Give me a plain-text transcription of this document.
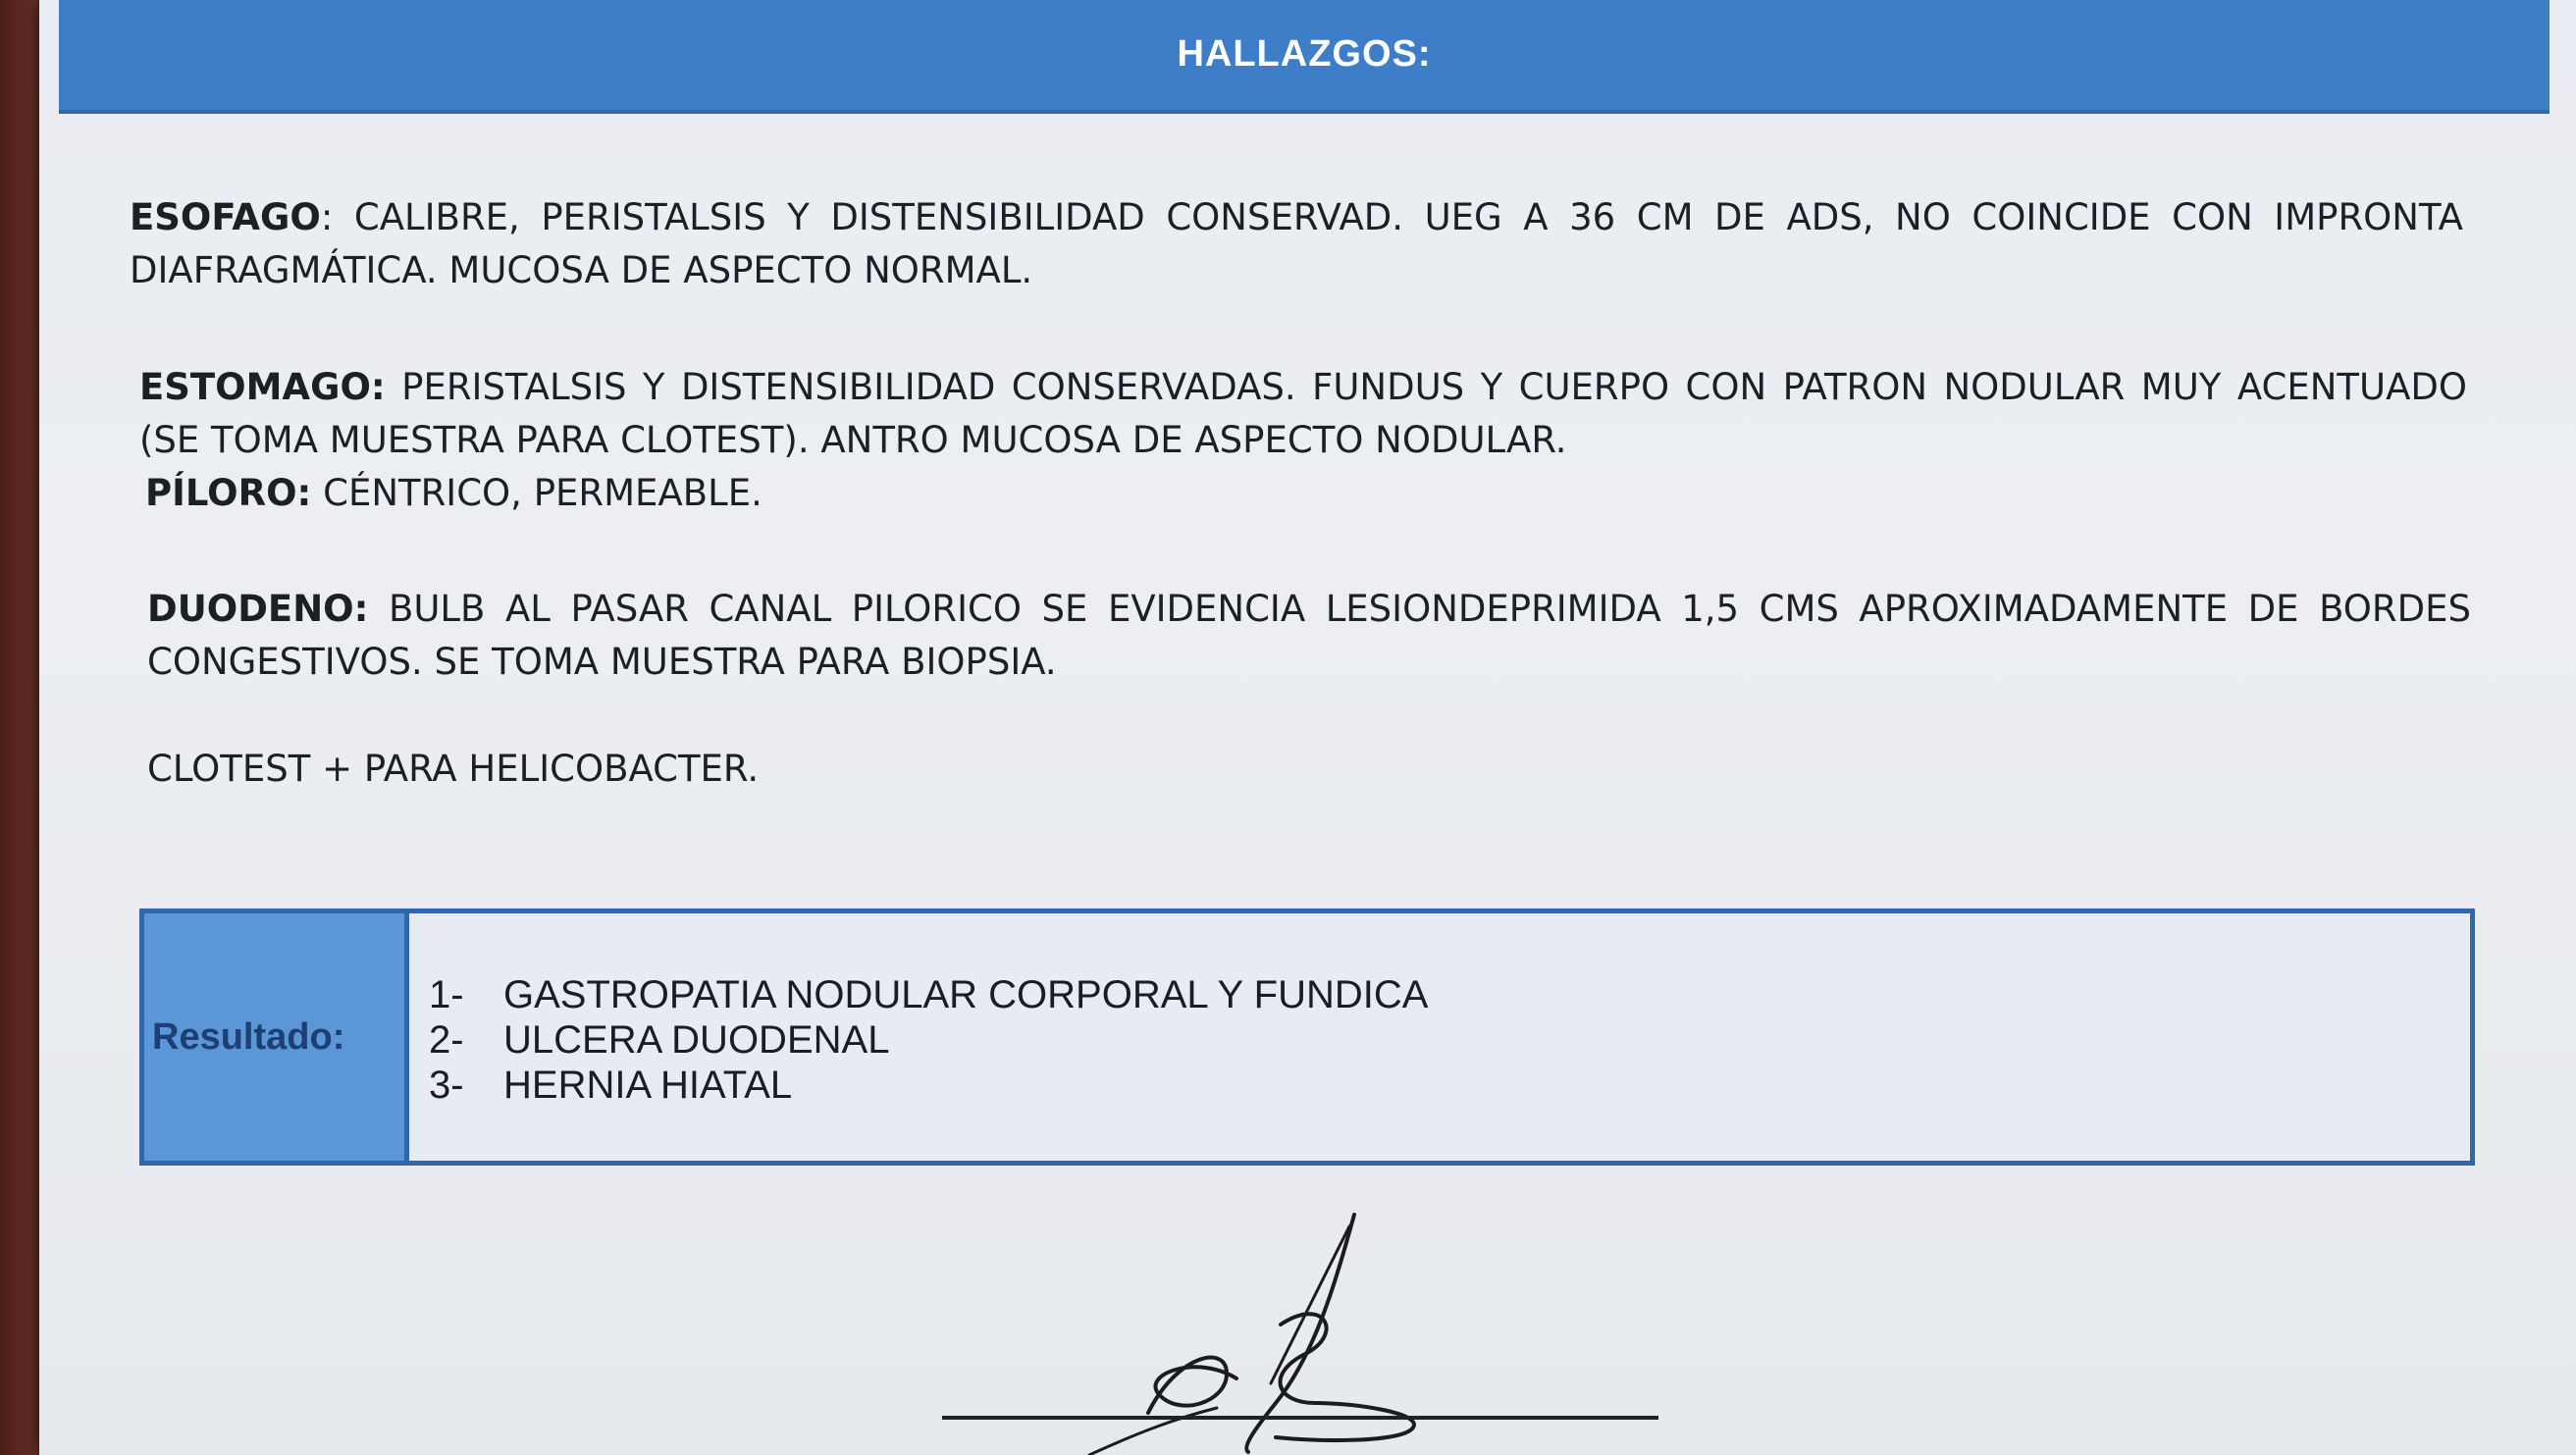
HALLAZGOS:
ESOFAGO: CALIBRE, PERISTALSIS Y DISTENSIBILIDAD CONSERVAD. UEG A 36 CM DE ADS, NO COINCIDE CON IMPRONTA DIAFRAGMÁTICA. MUCOSA DE ASPECTO NORMAL.
ESTOMAGO: PERISTALSIS Y DISTENSIBILIDAD CONSERVADAS. FUNDUS Y CUERPO CON PATRON NODULAR MUY ACENTUADO (SE TOMA MUESTRA PARA CLOTEST). ANTRO MUCOSA DE ASPECTO NODULAR.
PÍLORO: CÉNTRICO, PERMEABLE.
DUODENO: BULB AL PASAR CANAL PILORICO SE EVIDENCIA LESIONDEPRIMIDA 1,5 CMS APROXIMADAMENTE DE BORDES CONGESTIVOS. SE TOMA MUESTRA PARA BIOPSIA.
CLOTEST + PARA HELICOBACTER.
Resultado:
1-	GASTROPATIA NODULAR CORPORAL Y FUNDICA
2-	ULCERA DUODENAL
3-	HERNIA HIATAL
